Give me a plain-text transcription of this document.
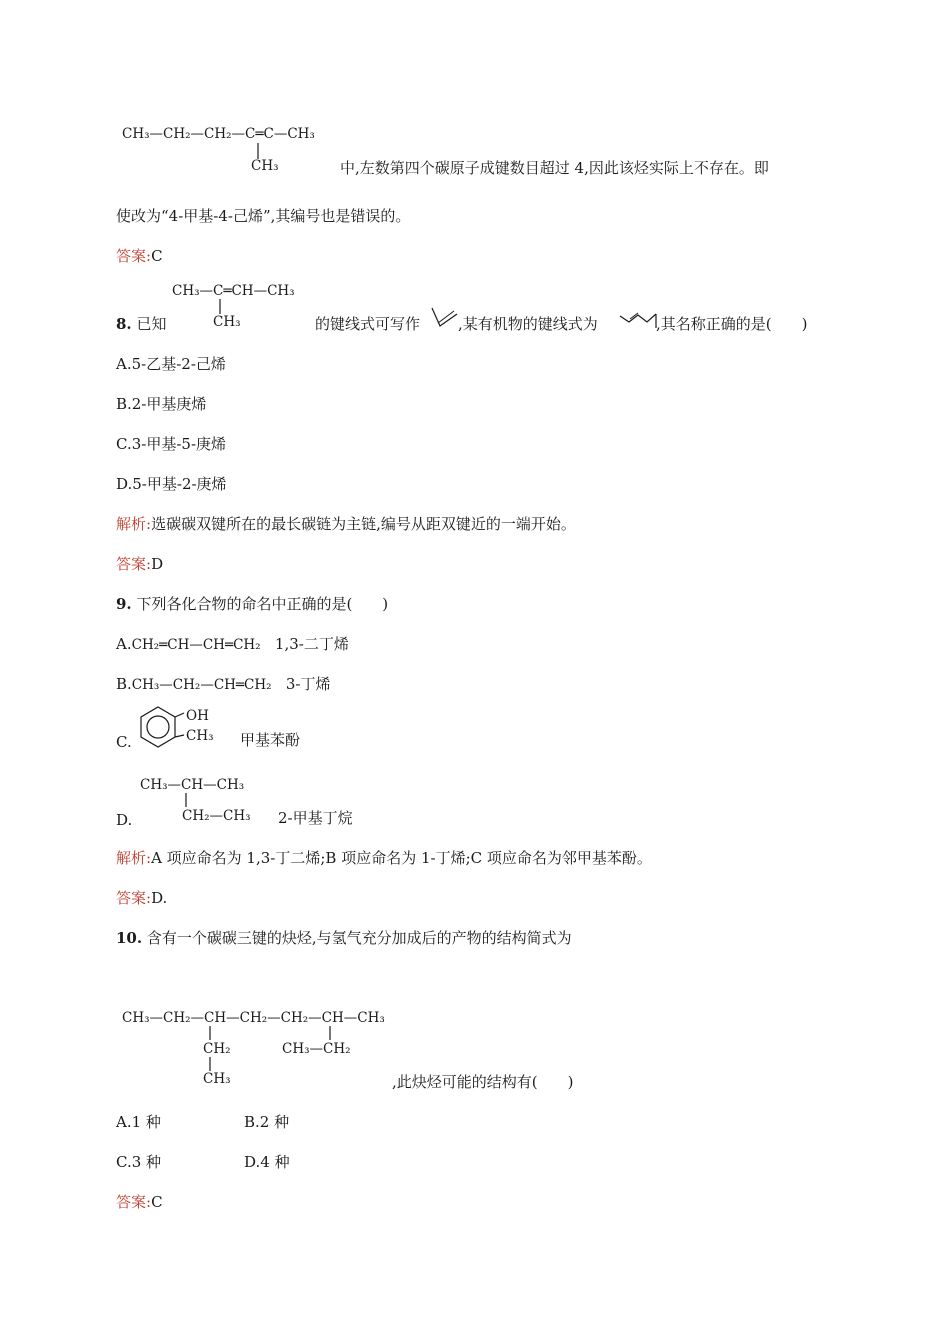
CH₃—CH₂—CH₂—C═C—CH₃
CH₃	中,左数第四个碳原子成键数目超过 4,因此该烃实际上不存在。即
使改为“4-甲基-4-己烯”,其编号也是错误的。
答案:C
CH₃—C═CH—CH₃
CH₃
8. 已知	的键线式可写作	,某有机物的键线式为	,其名称正确的是(　　)
A.5-乙基-2-己烯
B.2-甲基庚烯
C.3-甲基-5-庚烯
D.5-甲基-2-庚烯
解析:选碳碳双键所在的最长碳链为主链,编号从距双键近的一端开始。
答案:D
9. 下列各化合物的命名中正确的是(　　)
A.CH₂═CH—CH═CH₂ 1,3-二丁烯
B.CH₃—CH₂—CH═CH₂ 3-丁烯
C.
OH
CH₃ 甲基苯酚
CH₃—CH—CH₃
D.	CH₂—CH₃ 2-甲基丁烷
解析:A 项应命名为 1,3-丁二烯;B 项应命名为 1-丁烯;C 项应命名为邻甲基苯酚。
答案:D.
10. 含有一个碳碳三键的炔烃,与氢气充分加成后的产物的结构简式为
CH₃—CH₂—CH—CH₂—CH₂—CH—CH₃
CH₂
CH₃
CH₃—CH₂
,此炔烃可能的结构有(　　)
A.1 种	B.2 种
C.3 种	D.4 种
答案:C
